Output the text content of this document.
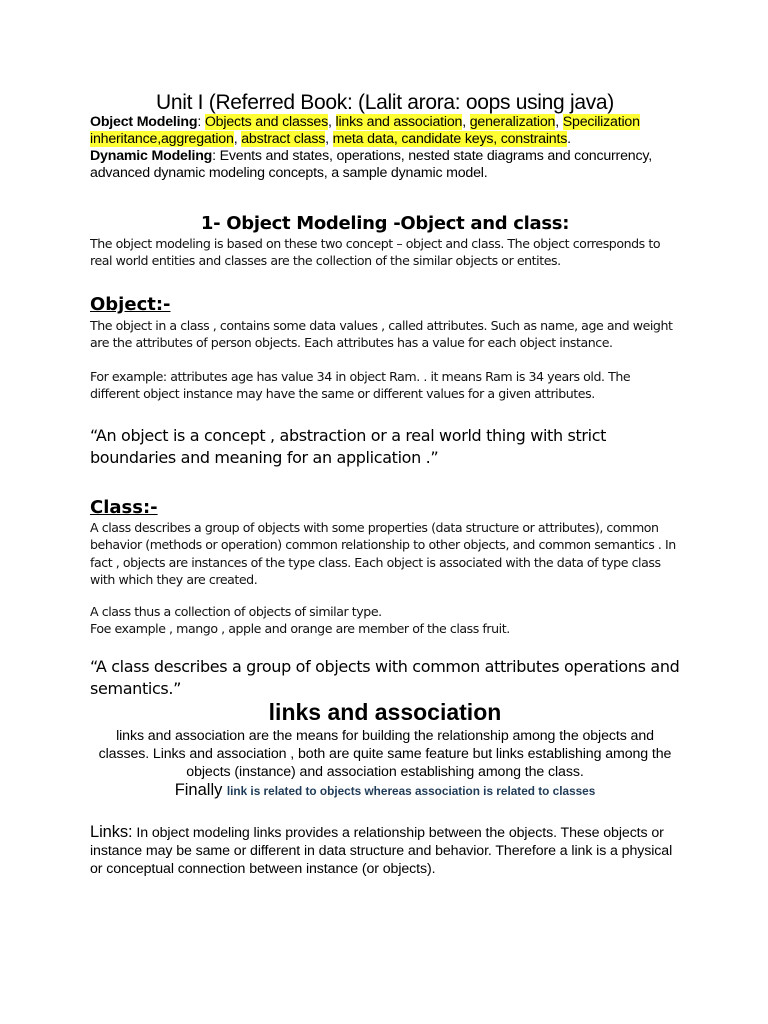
Unit I (Referred Book: (Lalit arora: oops using java)
Object Modeling: Objects and classes, links and association, generalization, Specilization inheritance,aggregation, abstract class, meta data, candidate keys, constraints.
Dynamic Modeling: Events and states, operations, nested state diagrams and concurrency, advanced dynamic modeling concepts, a sample dynamic model.
1- Object Modeling -Object and class:
The object modeling is based on these two concept – object and class. The object corresponds to real world entities and classes are the collection of the similar objects or entites.
Object:-
The object in a class , contains some data values , called attributes. Such as name, age and weight are the attributes of person objects. Each attributes has a value for each object instance.
For example: attributes age has value 34 in object Ram. . it means Ram is 34 years old. The different object instance may have the same or different values for a given attributes.
“An object is a concept , abstraction or a real world thing with strict boundaries and meaning for an application .”
Class:-
A class describes a group of objects with some properties (data structure or attributes), common behavior (methods or operation) common relationship to other objects, and common semantics . In fact , objects are instances of the type class. Each object is associated with the data of type class with which they are created.
A class thus a collection of objects of similar type.
Foe example , mango , apple and orange are member of the class fruit.
“A class describes a group of objects with common attributes operations and semantics.”
links and association
links and association are the means for building the relationship among the objects and classes. Links and association , both are quite same feature but links establishing among the objects (instance) and association establishing among the class.
Finally link is related to objects whereas association is related to classes
Links: In object modeling links provides a relationship between the objects. These objects or instance may be same or different in data structure and behavior. Therefore a link is a physical or conceptual connection between instance (or objects).
